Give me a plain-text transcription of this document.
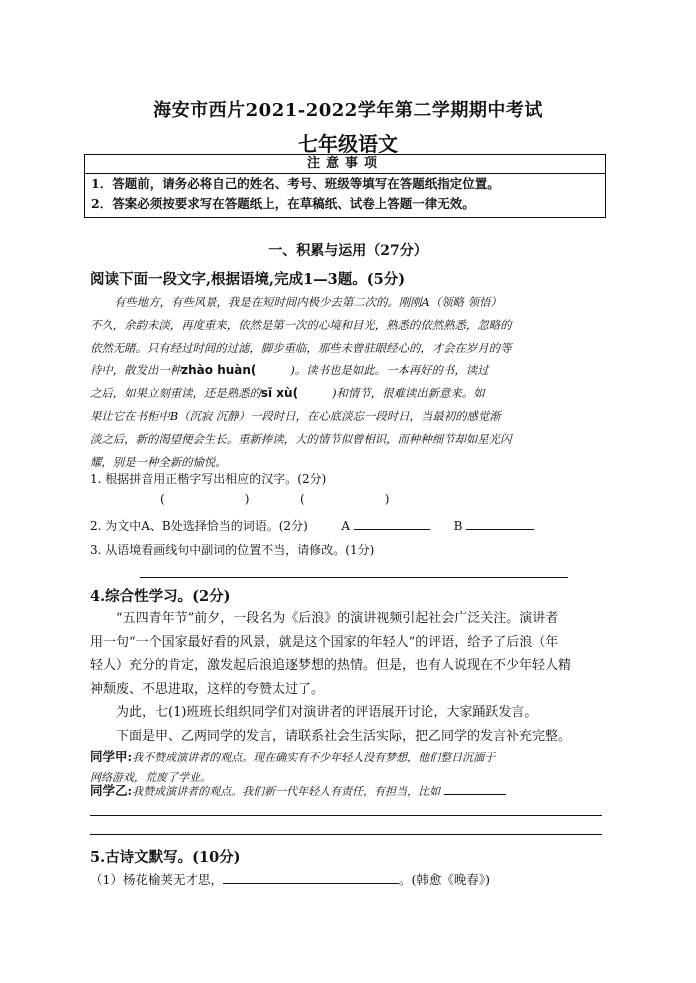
海安市西片2021-2022学年第二学期期中考试
七年级语文
注意事项
1．答题前，请务必将自己的姓名、考号、班级等填写在答题纸指定位置。
2．答案必须按要求写在答题纸上，在草稿纸、试卷上答题一律无效。
一、积累与运用（27分）
阅读下面一段文字,根据语境,完成1—3题。(5分)
有些地方，有些风景，我是在短时间内极少去第二次的。刚刚A（领略 领悟）
不久，余韵未淡，再度重来，依然是第一次的心境和目光，熟悉的依然熟悉，忽略的
依然无睹。只有经过时间的过滤，脚步重临，那些未曾驻眼经心的，才会在岁月的等
待中，散发出一种zhào huàn(	)。读书也是如此。一本再好的书，读过
之后，如果立刻重读，还是熟悉的sī xù(	)和情节，很难读出新意来。如
果让它在书柜中B（沉寂 沉静）一段时日，在心底淡忘一段时日，当最初的感觉渐
淡之后，新的渴望便会生长。重新捧读，大的情节似曾相识，而种种细节却如星光闪
耀，别是一种全新的愉悦。
1. 根据拼音用正楷字写出相应的汉字。(2分)
(	)	(	)
2. 为文中A、B处选择恰当的词语。(2分)	A	B
3. 从语境看画线句中副词的位置不当，请修改。(1分)
4.综合性学习。(2分)
“五四青年节”前夕，一段名为《后浪》的演讲视频引起社会广泛关注。演讲者
用一句“一个国家最好看的风景，就是这个国家的年轻人”的评语，给予了后浪（年
轻人）充分的肯定，激发起后浪追逐梦想的热情。但是，也有人说现在不少年轻人精
神颓废、不思进取，这样的夸赞太过了。
为此，七(1)班班长组织同学们对演讲者的评语展开讨论，大家踊跃发言。
下面是甲、乙两同学的发言，请联系社会生活实际，把乙同学的发言补充完整。
同学甲:我不赞成演讲者的观点。现在确实有不少年轻人没有梦想，他们整日沉湎于
网络游戏，荒废了学业。
同学乙:我赞成演讲者的观点。我们新一代年轻人有责任，有担当，比如
5.古诗文默写。(10分)
（1）杨花榆荚无才思，	。(韩愈《晚春》)
